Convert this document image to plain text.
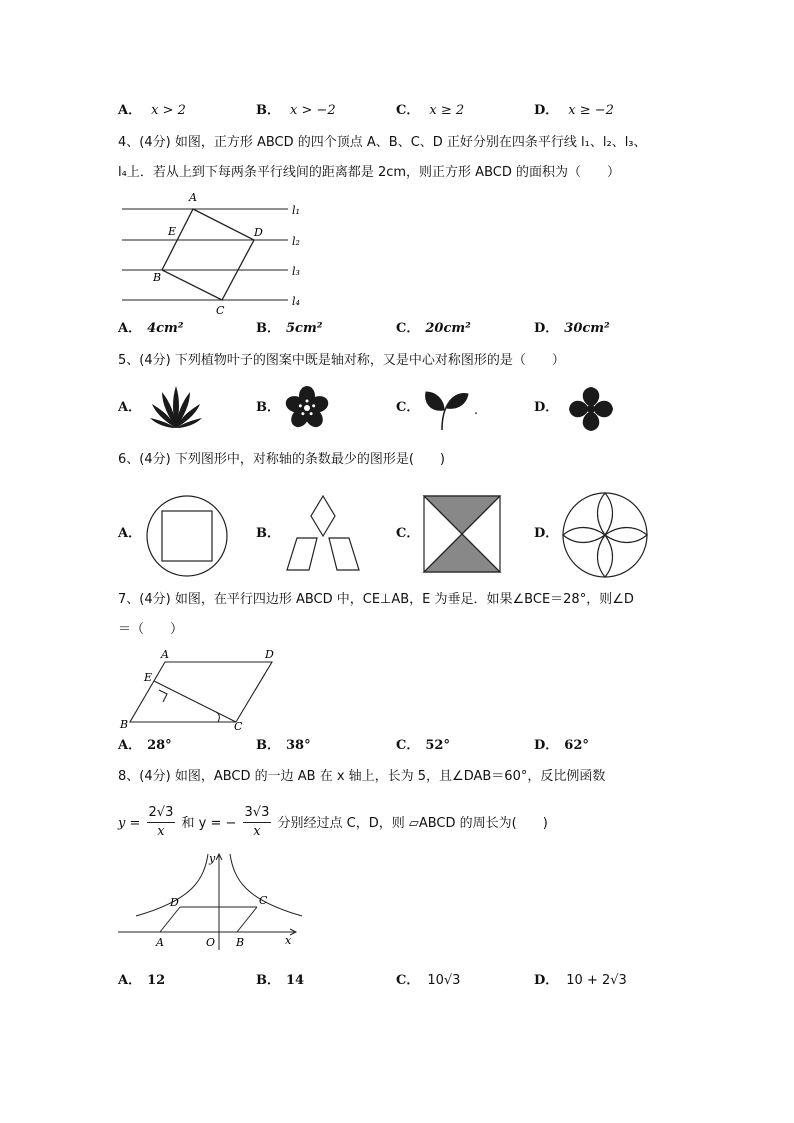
A． x > 2	B． x > −2	C． x ≥ 2	D． x ≥ −2
4、(4分) 如图，正方形 ABCD 的四个顶点 A、B、C、D 正好分别在四条平行线 l₁、l₂、l₃、
l₄上．若从上到下每两条平行线间的距离都是 2cm，则正方形 ABCD 的面积为（　　）
A
D
E
B
C
l₁
l₂
l₃
l₄
A． 4cm²	B． 5cm²	C． 20cm²	D． 30cm²
5、(4分) 下列植物叶子的图案中既是轴对称，又是中心对称图形的是（　　）
A．	B．	C．	.	D．
6、(4分) 下列图形中，对称轴的条数最少的图形是(　　)
A．	B．	C．	D．
7、(4分) 如图，在平行四边形 ABCD 中，CE⊥AB，E 为垂足．如果∠BCE＝28°，则∠D
＝（　　）
A	D
E
B	C
A． 28°	B． 38°	C． 52°	D． 62°
8、(4分) 如图，ABCD 的一边 AB 在 x 轴上，长为 5，且∠DAB＝60°，反比例函数
$y = \frac{2√3}{x}$ 和 y = − $\frac{3√3}{x}$ 分别经过点 C，D，则 ▱ABCD 的周长为(　　)
y
x
O
A	B
D	C
A． 12	B． 14	C． 10√3	D． 10 + 2√3
